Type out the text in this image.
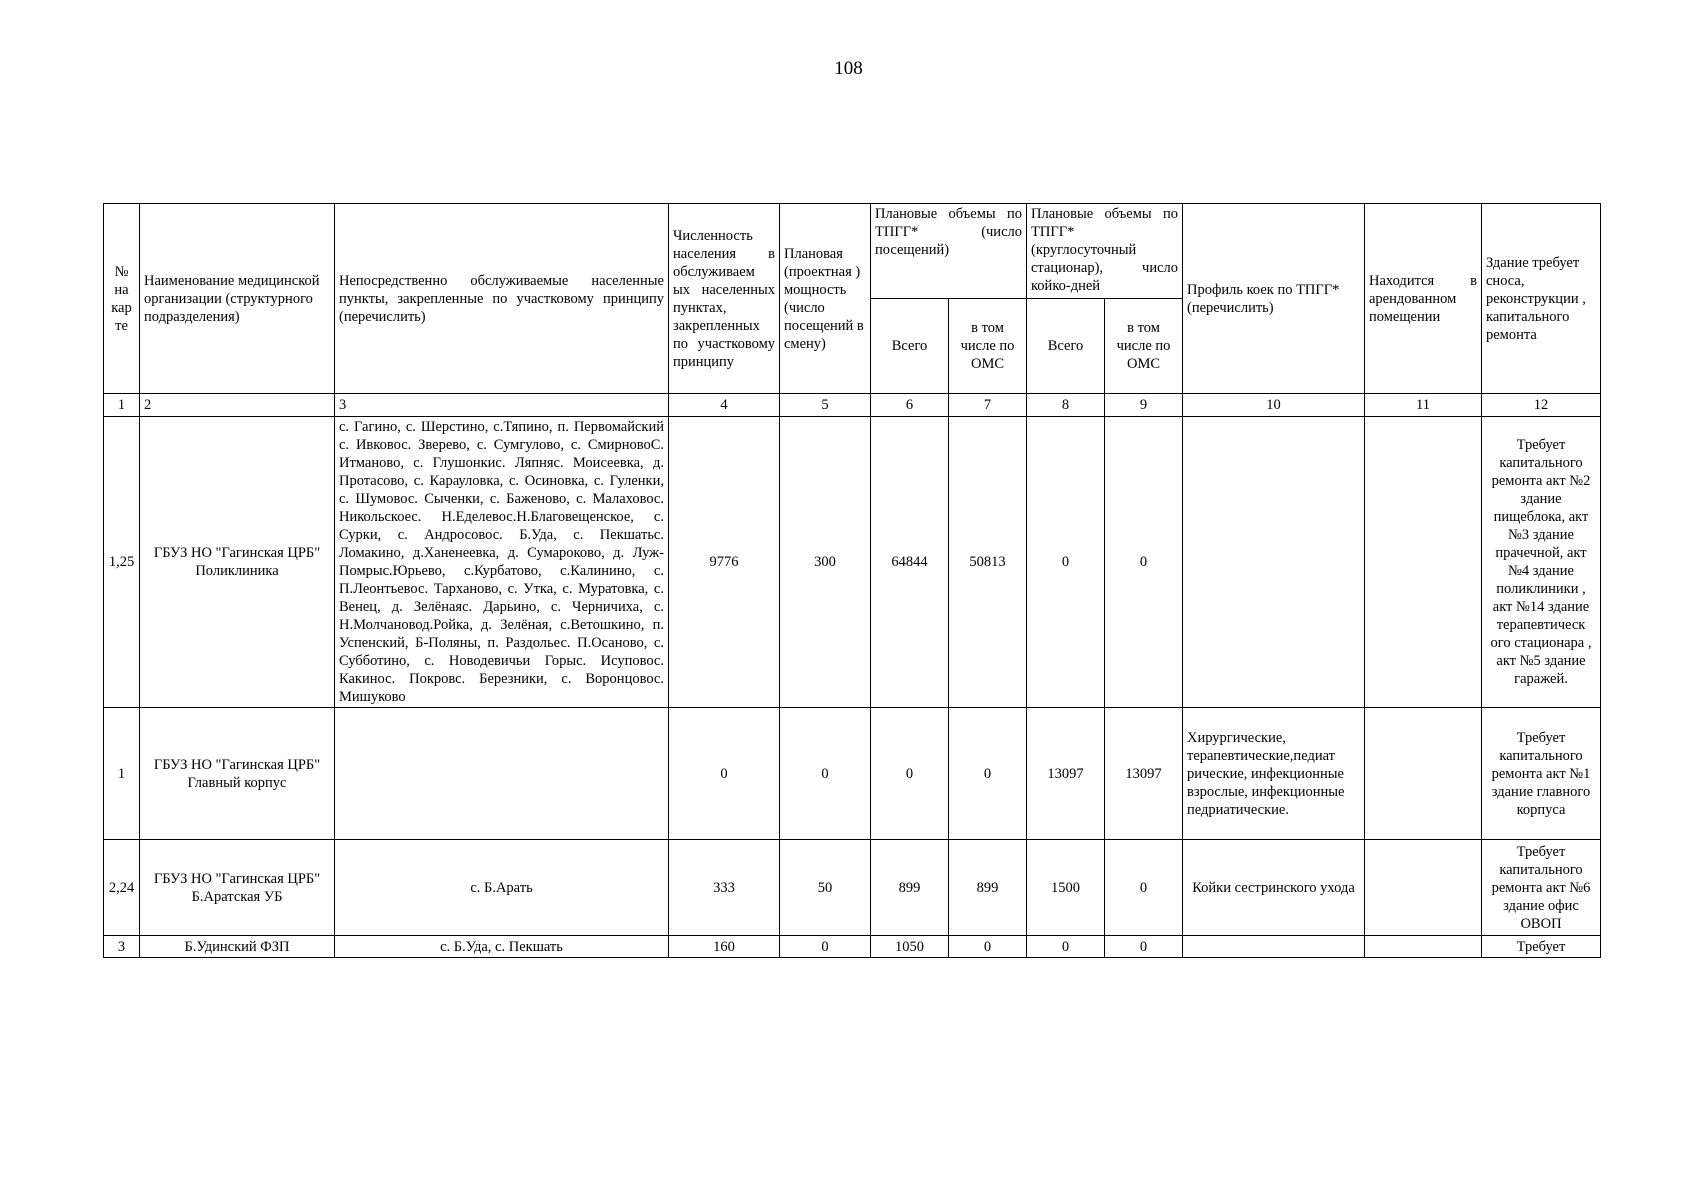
108
№ на кар те	Наименование медицинской организации (структурного подразделения)	Непосредственно обслуживаемые населенные пункты, закрепленные по участковому принципу (перечислить)	Численность населения в обслуживаем ых населенных пунктах, закрепленных по участковому принципу	Плановая (проектная ) мощность (число посещений в смену)	Плановые объемы по ТПГГ* (число посещений)		Плановые объемы по ТПГГ* (круглосуточный стационар), число койко-дней		Профиль коек по ТПГГ* (перечислить)	Находится в арендованном помещении	Здание требует сноса, реконструкции , капитального ремонта
					Всего	в том числе по ОМС	Всего	в том числе по ОМС			
1	2	3	4	5	6	7	8	9	10	11	12
1,25	ГБУЗ НО "Гагинская ЦРБ" Поликлиника	с. Гагино, с. Шерстино, с.Тяпино, п. Первомайский с. Ивковос. Зверево, с. Сумгулово, с. СмирновоС. Итманово, с. Глушонкис. Ляпняс. Моисеевка, д. Протасово, с. Карауловка, с. Осиновка, с. Гуленки, с. Шумовос. Сыченки, с. Баженово, с. Малаховос. Никольскоес. Н.Еделевос.Н.Благовещенское, с. Сурки, с. Андросовос. Б.Уда, с. Пекшатьс. Ломакино, д.Ханенеевка, д. Сумароково, д. Луж-Помрыс.Юрьево, с.Курбатово, с.Калинино, с. П.Леонтьевос. Тарханово, с. Утка, с. Муратовка, с. Венец, д. Зелёнаяс. Дарьино, с. Черничиха, с. Н.Молчановод.Ройка, д. Зелёная, с.Ветошкино, п. Успенский, Б-Поляны, п. Раздольес. П.Осаново, с. Субботино, с. Новодевичьи Горыс. Исуповос. Какинос. Покровс. Березники, с. Воронцовос. Мишуково	9776	300	64844	50813	0	0			Требует капитального ремонта акт №2 здание пищеблока, акт №3 здание прачечной, акт №4 здание поликлиники , акт №14 здание терапевтическ ого стационара , акт №5 здание гаражей.
1	ГБУЗ НО "Гагинская ЦРБ" Главный корпус		0	0	0	0	13097	13097	Хирургические, терапевтические,педиат рические, инфекционные взрослые, инфекционные педриатические.		Требует капитального ремонта акт №1 здание главного корпуса
2,24	ГБУЗ НО "Гагинская ЦРБ" Б.Аратская УБ	с. Б.Арать	333	50	899	899	1500	0	Койки сестринского ухода		Требует капитального ремонта акт №6 здание офис ОВОП
3	Б.Удинский ФЗП	с. Б.Уда, с. Пекшать	160	0	1050	0	0	0			Требует
